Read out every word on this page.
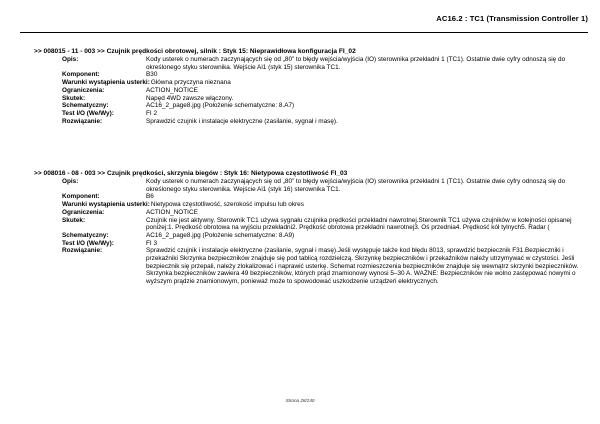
AC16.2 : TC1 (Transmission Controller 1)
>> 008015 - 11 - 003 >> Czujnik prędkości obrotowej, silnik : Styk 15: Nieprawidłowa konfiguracja FI_02
Opis:	Kody usterek o numerach zaczynających się od „80” to błędy wejścia/wyjścia (IO) sterownika przekładni 1 (TC1). Ostatnie dwie cyfry odnoszą się do określonego styku sterownika. Wejście Ai1 (styk 15) sterownika TC1.
Komponent:	B30
Warunki wystąpienia usterki: Główna przyczyna nieznana
Ograniczenia:	ACTION_NOTICE
Skutek:	Napęd 4WD zawsze włączony.
Schematyczny:	AC16_2_page8.jpg (Położenie schematyczne: 8.A7)
Test I/O (We/Wy):	FI 2
Rozwiązanie:	Sprawdzić czujnik i instalacje elektryczne (zasilanie, sygnał i masę).
>> 008016 - 08 - 003 >> Czujnik prędkości, skrzynia biegów : Styk 16: Nietypowa częstotliwość FI_03
Opis:	Kody usterek o numerach zaczynających się od „80” to błędy wejścia/wyjścia (IO) sterownika przekładni 1 (TC1). Ostatnie dwie cyfry odnoszą się do określonego styku sterownika. Wejście Ai1 (styk 16) sterownika TC1.
Komponent:	B6
Warunki wystąpienia usterki: Nietypowa częstotliwość, szerokość impulsu lub okres
Ograniczenia:	ACTION_NOTICE
Skutek:	Czujnik nie jest aktywny. Sterownik TC1 używa sygnału czujnika prędkości przekładni nawrotnej.Sterownik TC1 używa czujników w kolejności opisanej poniżej:1. Prędkość obrotowa na wyjściu przekładni2. Prędkość obrotowa przekładni nawrotnej3. Oś przednia4. Prędkość kół tylnych5. Radar (
Schematyczny:	AC16_2_page8.jpg (Położenie schematyczne: 8.A9)
Test I/O (We/Wy):	FI 3
Rozwiązanie:	Sprawdzić czujnik i instalacje elektryczne (zasilanie, sygnał i masę).Jeśli występuje także kod błędu 8013, sprawdzić bezpiecznik F31.Bezpieczniki i przekaźniki Skrzynka bezpieczników znajduje się pod tablicą rozdzielczą. Skrzynkę bezpieczników i przekaźników należy utrzymywać w czystości. Jeśli bezpiecznik się przepali, należy zlokalizować i naprawić usterkę. Schemat rozmieszczenia bezpieczników znajduje się wewnątrz skrzynki bezpieczników. Skrzynka bezpieczników zawiera 49 bezpieczników, których prąd znamionowy wynosi 5–30 A. WAŻNE: Bezpieczników nie wolno zastępować nowymi o wyższym prądzie znamionowym, ponieważ może to spowodować uszkodzenie urządzeń elektrycznych.
Strona 28/240
